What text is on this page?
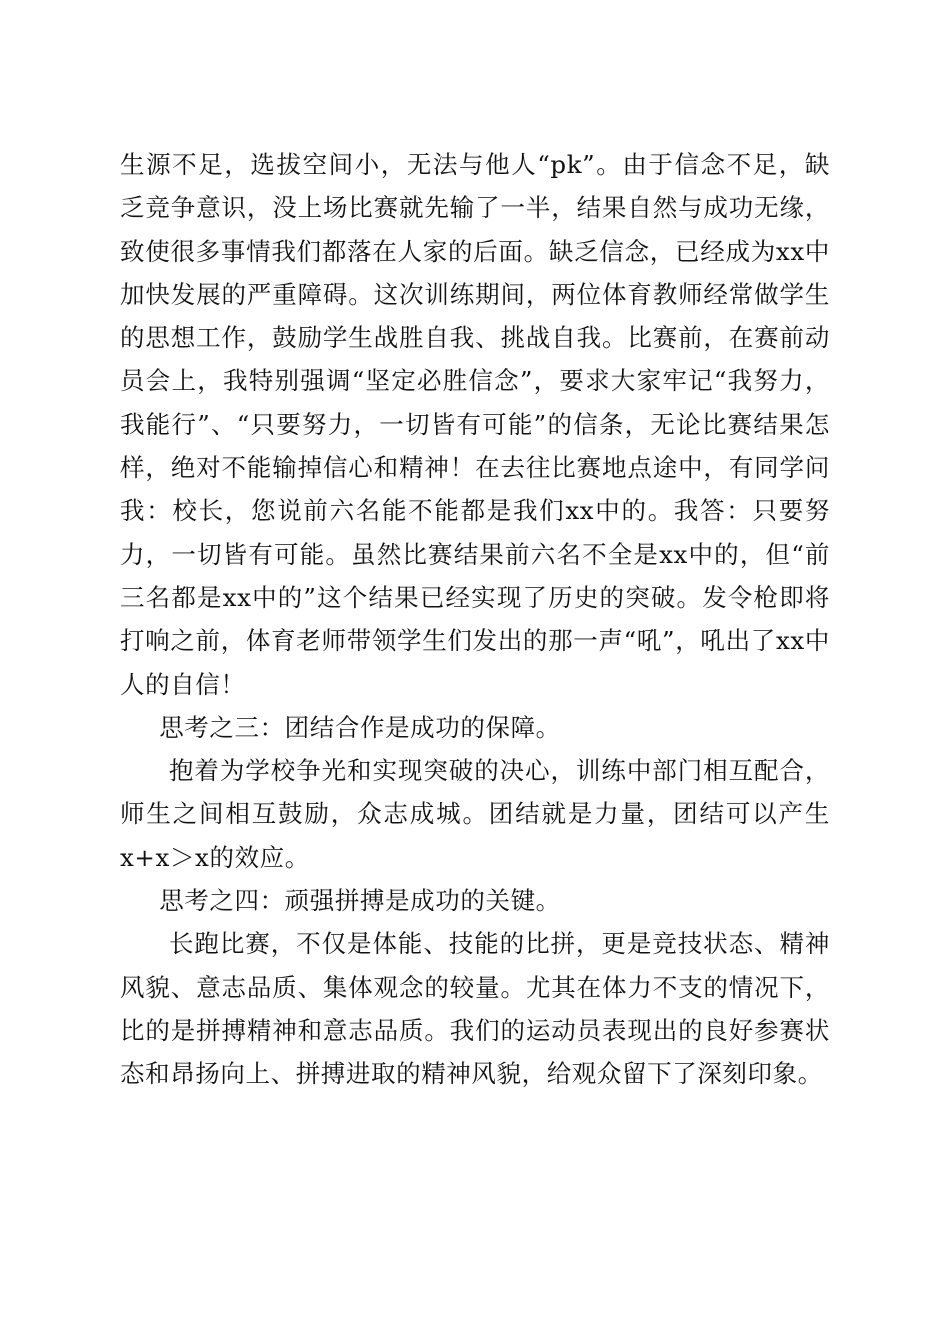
生源不足，选拔空间小，无法与他人“pk”。由于信念不足，缺乏竞争意识，没上场比赛就先输了一半，结果自然与成功无缘，致使很多事情我们都落在人家的后面。缺乏信念，已经成为xx中加快发展的严重障碍。这次训练期间，两位体育教师经常做学生的思想工作，鼓励学生战胜自我、挑战自我。比赛前，在赛前动员会上，我特别强调“坚定必胜信念”，要求大家牢记“我努力，我能行”、“只要努力，一切皆有可能”的信条，无论比赛结果怎样，绝对不能输掉信心和精神！在去往比赛地点途中，有同学问我：校长，您说前六名能不能都是我们xx中的。我答：只要努力，一切皆有可能。虽然比赛结果前六名不全是xx中的，但“前三名都是xx中的”这个结果已经实现了历史的突破。发令枪即将打响之前，体育老师带领学生们发出的那一声“吼”，吼出了xx中人的自信！

思考之三：团结合作是成功的保障。

抱着为学校争光和实现突破的决心，训练中部门相互配合，师生之间相互鼓励，众志成城。团结就是力量，团结可以产生x+x＞x的效应。

思考之四：顽强拼搏是成功的关键。

长跑比赛，不仅是体能、技能的比拼，更是竞技状态、精神风貌、意志品质、集体观念的较量。尤其在体力不支的情况下，比的是拼搏精神和意志品质。我们的运动员表现出的良好参赛状态和昂扬向上、拼搏进取的精神风貌，给观众留下了深刻印象。
